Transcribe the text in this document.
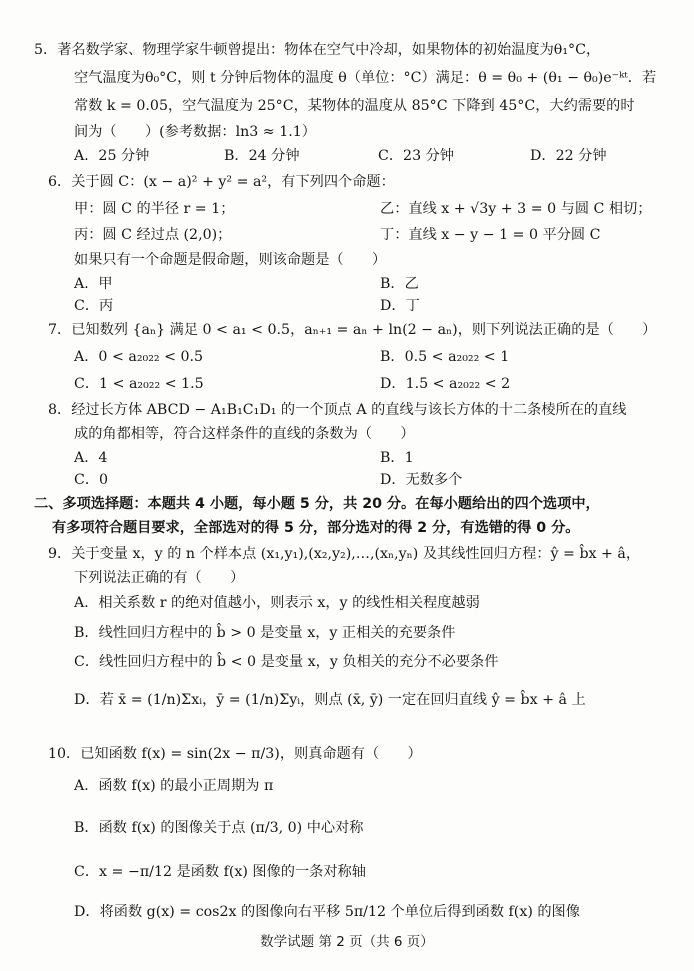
5．著名数学家、物理学家牛顿曾提出：物体在空气中冷却，如果物体的初始温度为θ₁°C，
空气温度为θ₀°C，则 t 分钟后物体的温度 θ（单位：°C）满足：θ = θ₀ + (θ₁ − θ₀)e⁻ᵏᵗ．若
常数 k = 0.05，空气温度为 25°C，某物体的温度从 85°C 下降到 45°C，大约需要的时
间为（　　）(参考数据：ln3 ≈ 1.1）
A．25 分钟	B．24 分钟	C．23 分钟	D．22 分钟
6．关于圆 C：(x − a)² + y² = a²，有下列四个命题：
甲：圆 C 的半径 r = 1；	乙：直线 x + √3y + 3 = 0 与圆 C 相切；
丙：圆 C 经过点 (2,0)；	丁：直线 x − y − 1 = 0 平分圆 C
如果只有一个命题是假命题，则该命题是（　　）
A．甲	B．乙
C．丙	D．丁
7．已知数列 {aₙ} 满足 0 < a₁ < 0.5，aₙ₊₁ = aₙ + ln(2 − aₙ)，则下列说法正确的是（　　）
A．0 < a₂₀₂₂ < 0.5	B．0.5 < a₂₀₂₂ < 1
C．1 < a₂₀₂₂ < 1.5	D．1.5 < a₂₀₂₂ < 2
8．经过长方体 ABCD − A₁B₁C₁D₁ 的一个顶点 A 的直线与该长方体的十二条棱所在的直线
成的角都相等，符合这样条件的直线的条数为（　　）
A．4	B．1
C．0	D．无数多个
二、多项选择题：本题共 4 小题，每小题 5 分，共 20 分。在每小题给出的四个选项中，
有多项符合题目要求，全部选对的得 5 分，部分选对的得 2 分，有选错的得 0 分。
9．关于变量 x，y 的 n 个样本点 (x₁,y₁),(x₂,y₂),…,(xₙ,yₙ) 及其线性回归方程：ŷ = b̂x + â，
下列说法正确的有（　　）
A．相关系数 r 的绝对值越小，则表示 x，y 的线性相关程度越弱
B．线性回归方程中的 b̂ > 0 是变量 x，y 正相关的充要条件
C．线性回归方程中的 b̂ < 0 是变量 x，y 负相关的充分不必要条件
D．若 x̄ = (1/n)Σxᵢ，ȳ = (1/n)Σyᵢ，则点 (x̄, ȳ) 一定在回归直线 ŷ = b̂x + â 上
10．已知函数 f(x) = sin(2x − π/3)，则真命题有（　　）
A．函数 f(x) 的最小正周期为 π
B．函数 f(x) 的图像关于点 (π/3, 0) 中心对称
C．x = −π/12 是函数 f(x) 图像的一条对称轴
D．将函数 g(x) = cos2x 的图像向右平移 5π/12 个单位后得到函数 f(x) 的图像
数学试题 第 2 页（共 6 页）
